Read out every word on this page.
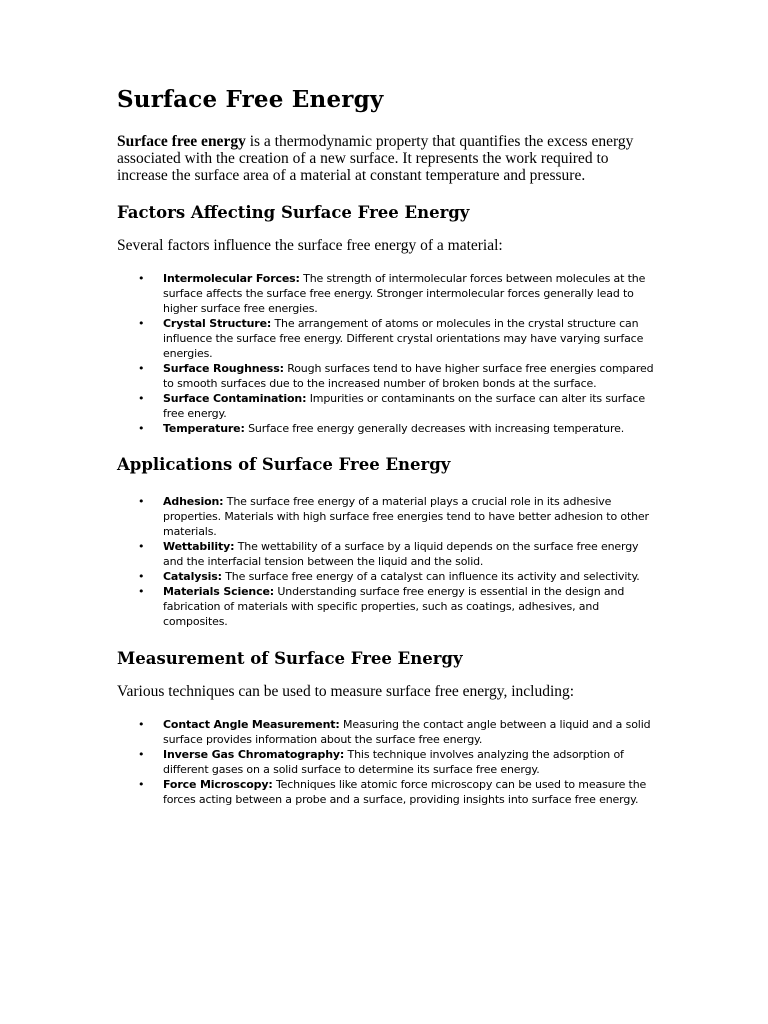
Surface Free Energy

Surface free energy is a thermodynamic property that quantifies the excess energy associated with the creation of a new surface. It represents the work required to increase the surface area of a material at constant temperature and pressure.

Factors Affecting Surface Free Energy

Several factors influence the surface free energy of a material:

• Intermolecular Forces: The strength of intermolecular forces between molecules at the surface affects the surface free energy. Stronger intermolecular forces generally lead to higher surface free energies.
• Crystal Structure: The arrangement of atoms or molecules in the crystal structure can influence the surface free energy. Different crystal orientations may have varying surface energies.
• Surface Roughness: Rough surfaces tend to have higher surface free energies compared to smooth surfaces due to the increased number of broken bonds at the surface.
• Surface Contamination: Impurities or contaminants on the surface can alter its surface free energy.
• Temperature: Surface free energy generally decreases with increasing temperature.
Applications of Surface Free Energy
• Adhesion: The surface free energy of a material plays a crucial role in its adhesive properties. Materials with high surface free energies tend to have better adhesion to other materials.
• Wettability: The wettability of a surface by a liquid depends on the surface free energy and the interfacial tension between the liquid and the solid.
• Catalysis: The surface free energy of a catalyst can influence its activity and selectivity.
• Materials Science: Understanding surface free energy is essential in the design and fabrication of materials with specific properties, such as coatings, adhesives, and composites.
Measurement of Surface Free Energy

Various techniques can be used to measure surface free energy, including:

• Contact Angle Measurement: Measuring the contact angle between a liquid and a solid surface provides information about the surface free energy.
• Inverse Gas Chromatography: This technique involves analyzing the adsorption of different gases on a solid surface to determine its surface free energy.
• Force Microscopy: Techniques like atomic force microscopy can be used to measure the forces acting between a probe and a surface, providing insights into surface free energy.
